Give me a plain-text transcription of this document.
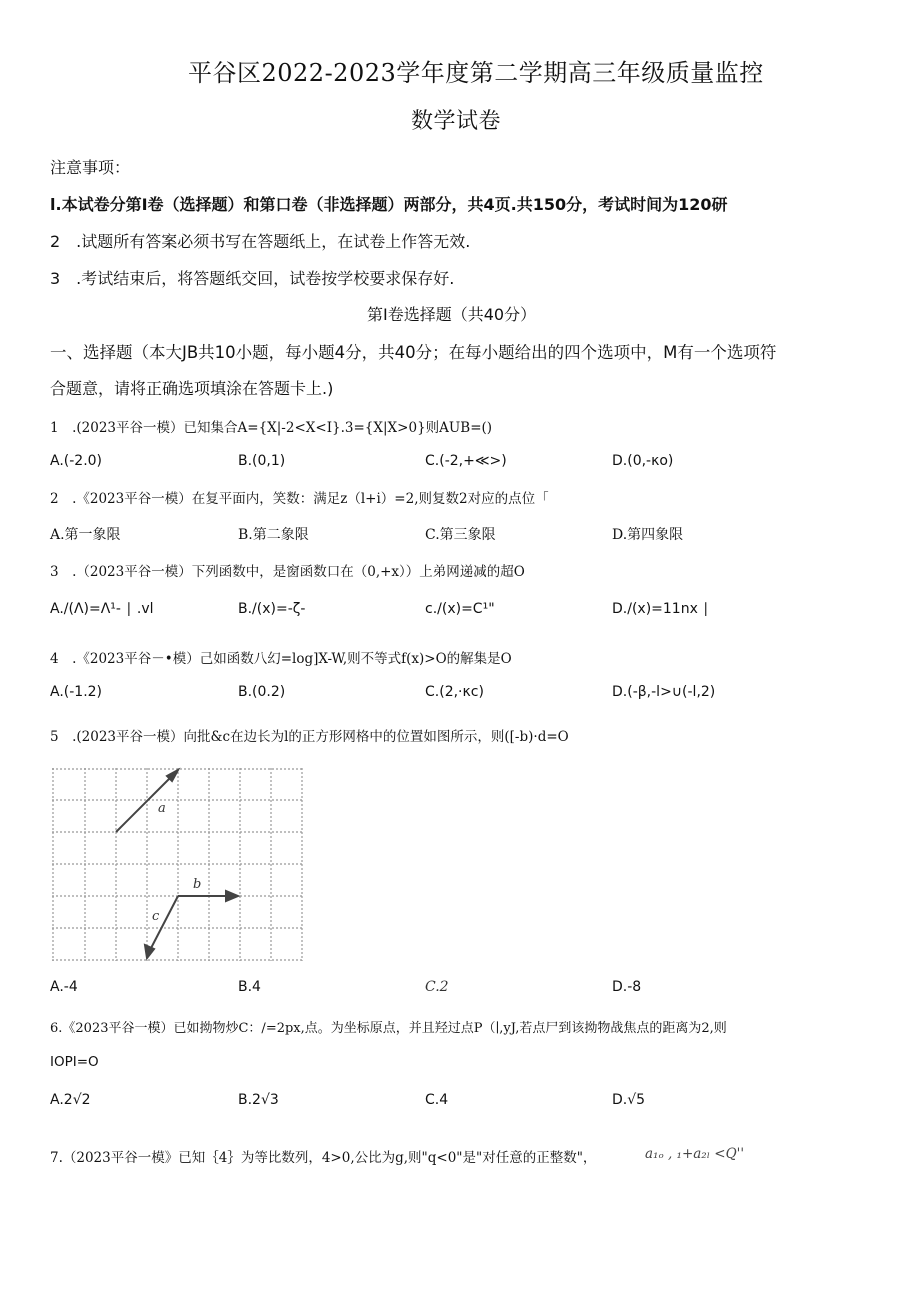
平谷区2022-2023学年度第二学期高三年级质量监控
数学试卷
注意事项：
l.本试卷分第I卷（选择题）和第口卷（非选择题）两部分，共4页.共150分，考试时间为120研
2　.试题所有答案必须书写在答题纸上，在试卷上作答无效.
3　.考试结束后，将答题纸交回，试卷按学校要求保存好.
第I卷选择题（共40分）
一、选择题（本大JB共10小题，每小题4分，共40分；在每小题给出的四个选项中，M有一个选项符
合题意，请将正确选项填涂在答题卡上.)
1　.(2023平谷一模）已知集合A={X|-2<X<I}.3={X|X>0}则AUB=()
A.(-2.0)	B.(0,1)	C.(-2,+≪>)	D.(0,-κo)
2　.《2023平谷一模）在复平面内，笑数：满足z（l+i）=2,则复数2对应的点位「
A.第一象限	B.第二象限	C.第三象限	D.第四象限
3　.（2023平谷一模）下列函数中，是窗函数口在（0,+x））上弟网递减的超O
A./(Λ)=Λ¹- ∣ .vl	B./(x)=-ζ-	c./(x)=C¹"	D./(x)=11nx ∣
4　.《2023平谷－•模）己如函数八幻=log]X-W,则不等式f(x)>O的解集是O
A.(-1.2)	B.(0.2)	C.(2,·κc)	D.(-β,-l>∪(-l,2)
5　.(2023平谷一模）向批&c在边长为l的正方形网格中的位置如图所示，则([-b)·d=O
a
b
c
A.-4	B.4	C.2	D.-8
6.《2023平谷一模）已如拗物炒C：/=2px,点。为坐标原点，并且羟过点P（∣,yJ,若点尸到该拗物战焦点的距离为2,则
IOPI=O
A.2√2	B.2√3	C.4	D.√5
7.（2023平谷一模》已知｛4｝为等比数列，4>0,公比为g,则"q<0"是"对任意的正整数"，	a₁ₒ , ₁+a₂ₗ <Q''
